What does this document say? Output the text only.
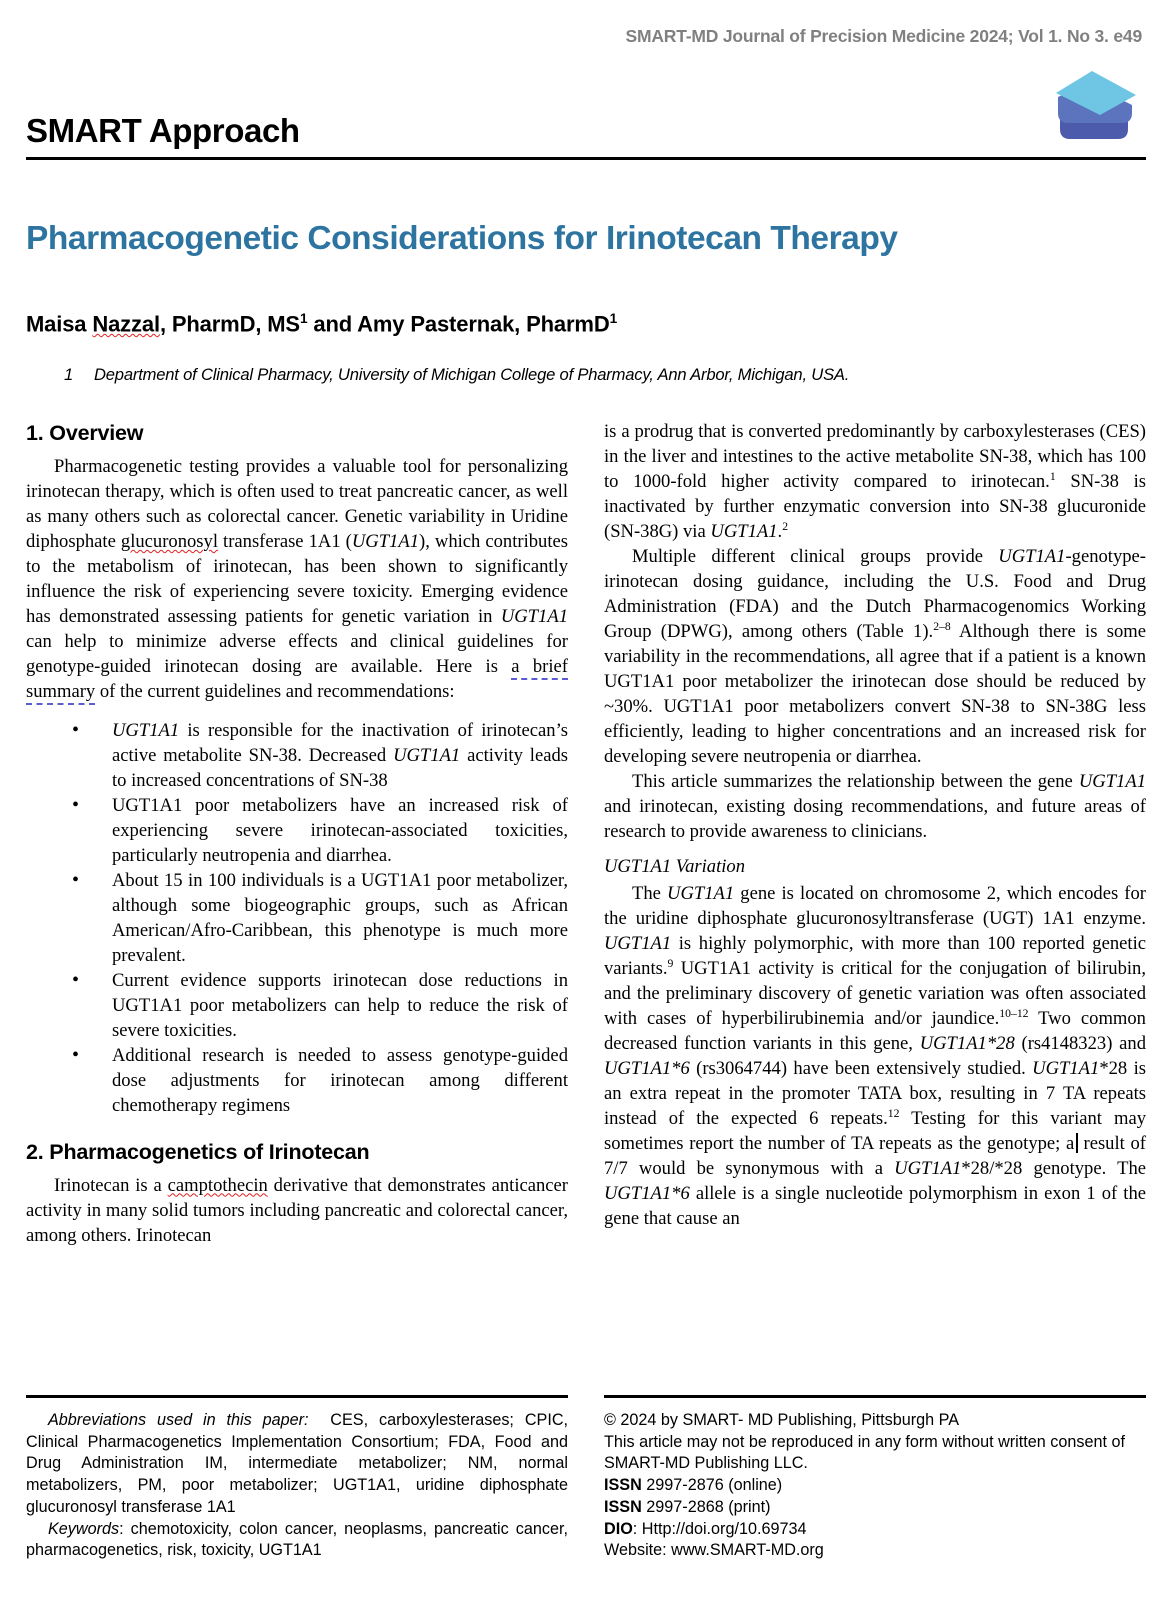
SMART-MD Journal of Precision Medicine 2024; Vol 1. No 3. e49
SMART Approach
Pharmacogenetic Considerations for Irinotecan Therapy
Maisa Nazzal, PharmD, $MS^1$ and Amy Pasternak, PharmD$^1$
1 Department of Clinical Pharmacy, University of Michigan College of Pharmacy, Ann Arbor, Michigan, USA.
1. Overview

Pharmacogenetic testing provides a valuable tool for personalizing irinotecan therapy, which is often used to treat pancreatic cancer, as well as many others such as colorectal cancer. Genetic variability in Uridine diphosphate glucuronosyl transferase 1A1 (UGT1A1), which contributes to the metabolism of irinotecan, has been shown to significantly influence the risk of experiencing severe toxicity. Emerging evidence has demonstrated assessing patients for genetic variation in UGT1A1 can help to minimize adverse effects and clinical guidelines for genotype-guided irinotecan dosing are available. Here is a brief summary of the current guidelines and recommendations:

• UGT1A1 is responsible for the inactivation of irinotecan’s active metabolite SN-38. Decreased UGT1A1 activity leads to increased concentrations of SN-38
• UGT1A1 poor metabolizers have an increased risk of experiencing severe irinotecan-associated toxicities, particularly neutropenia and diarrhea.
• About 15 in 100 individuals is a UGT1A1 poor metabolizer, although some biogeographic groups, such as African American/Afro-Caribbean, this phenotype is much more prevalent.
• Current evidence supports irinotecan dose reductions in UGT1A1 poor metabolizers can help to reduce the risk of severe toxicities.
• Additional research is needed to assess genotype-guided dose adjustments for irinotecan among different chemotherapy regimens
2. Pharmacogenetics of Irinotecan

Irinotecan is a camptothecin derivative that demonstrates anticancer activity in many solid tumors including pancreatic and colorectal cancer, among others. Irinotecan

is a prodrug that is converted predominantly by carboxylesterases (CES) in the liver and intestines to the active metabolite SN-38, which has 100 to 1000-fold higher activity compared to irinotecan.$^1$ SN-38 is inactivated by further enzymatic conversion into SN-38 glucuronide (SN-38G) via UGT1A1.$^2$

Multiple different clinical groups provide UGT1A1-genotype- irinotecan dosing guidance, including the U.S. Food and Drug Administration (FDA) and the Dutch Pharmacogenomics Working Group (DPWG), among others (Table 1).$^{2-8}$ Although there is some variability in the recommendations, all agree that if a patient is a known UGT1A1 poor metabolizer the irinotecan dose should be reduced by ~30%. UGT1A1 poor metabolizers convert SN-38 to SN-38G less efficiently, leading to higher concentrations and an increased risk for developing severe neutropenia or diarrhea.

This article summarizes the relationship between the gene UGT1A1 and irinotecan, existing dosing recommendations, and future areas of research to provide awareness to clinicians.

UGT1A1 Variation

The UGT1A1 gene is located on chromosome 2, which encodes for the uridine diphosphate glucuronosyltransferase (UGT) 1A1 enzyme. UGT1A1 is highly polymorphic, with more than 100 reported genetic variants.$^9$ UGT1A1 activity is critical for the conjugation of bilirubin, and the preliminary discovery of genetic variation was often associated with cases of hyperbilirubinemia and/or jaundice.$^{10-12}$ Two common decreased function variants in this gene, UGT1A1*28 (rs4148323) and UGT1A1*6 (rs3064744) have been extensively studied. UGT1A1*28 is an extra repeat in the promoter TATA box, resulting in 7 TA repeats instead of the expected 6 repeats.$^{12}$ Testing for this variant may sometimes report the number of TA repeats as the genotype; a result of 7/7 would be synonymous with a UGT1A1*28/*28 genotype. The UGT1A1*6 allele is a single nucleotide polymorphism in exon 1 of the gene that cause an

Abbreviations used in this paper: CES, carboxylesterases; CPIC, Clinical Pharmacogenetics Implementation Consortium; FDA, Food and Drug Administration IM, intermediate metabolizer; NM, normal metabolizers, PM, poor metabolizer; UGT1A1, uridine diphosphate glucuronosyl transferase 1A1

Keywords: chemotoxicity, colon cancer, neoplasms, pancreatic cancer, pharmacogenetics, risk, toxicity, UGT1A1

© 2024 by SMART- MD Publishing, Pittsburgh PA

This article may not be reproduced in any form without written consent of SMART-MD Publishing LLC.

ISSN 2997-2876 (online)

ISSN 2997-2868 (print)

DIO: Http://doi.org/10.69734

Website: www.SMART-MD.org
